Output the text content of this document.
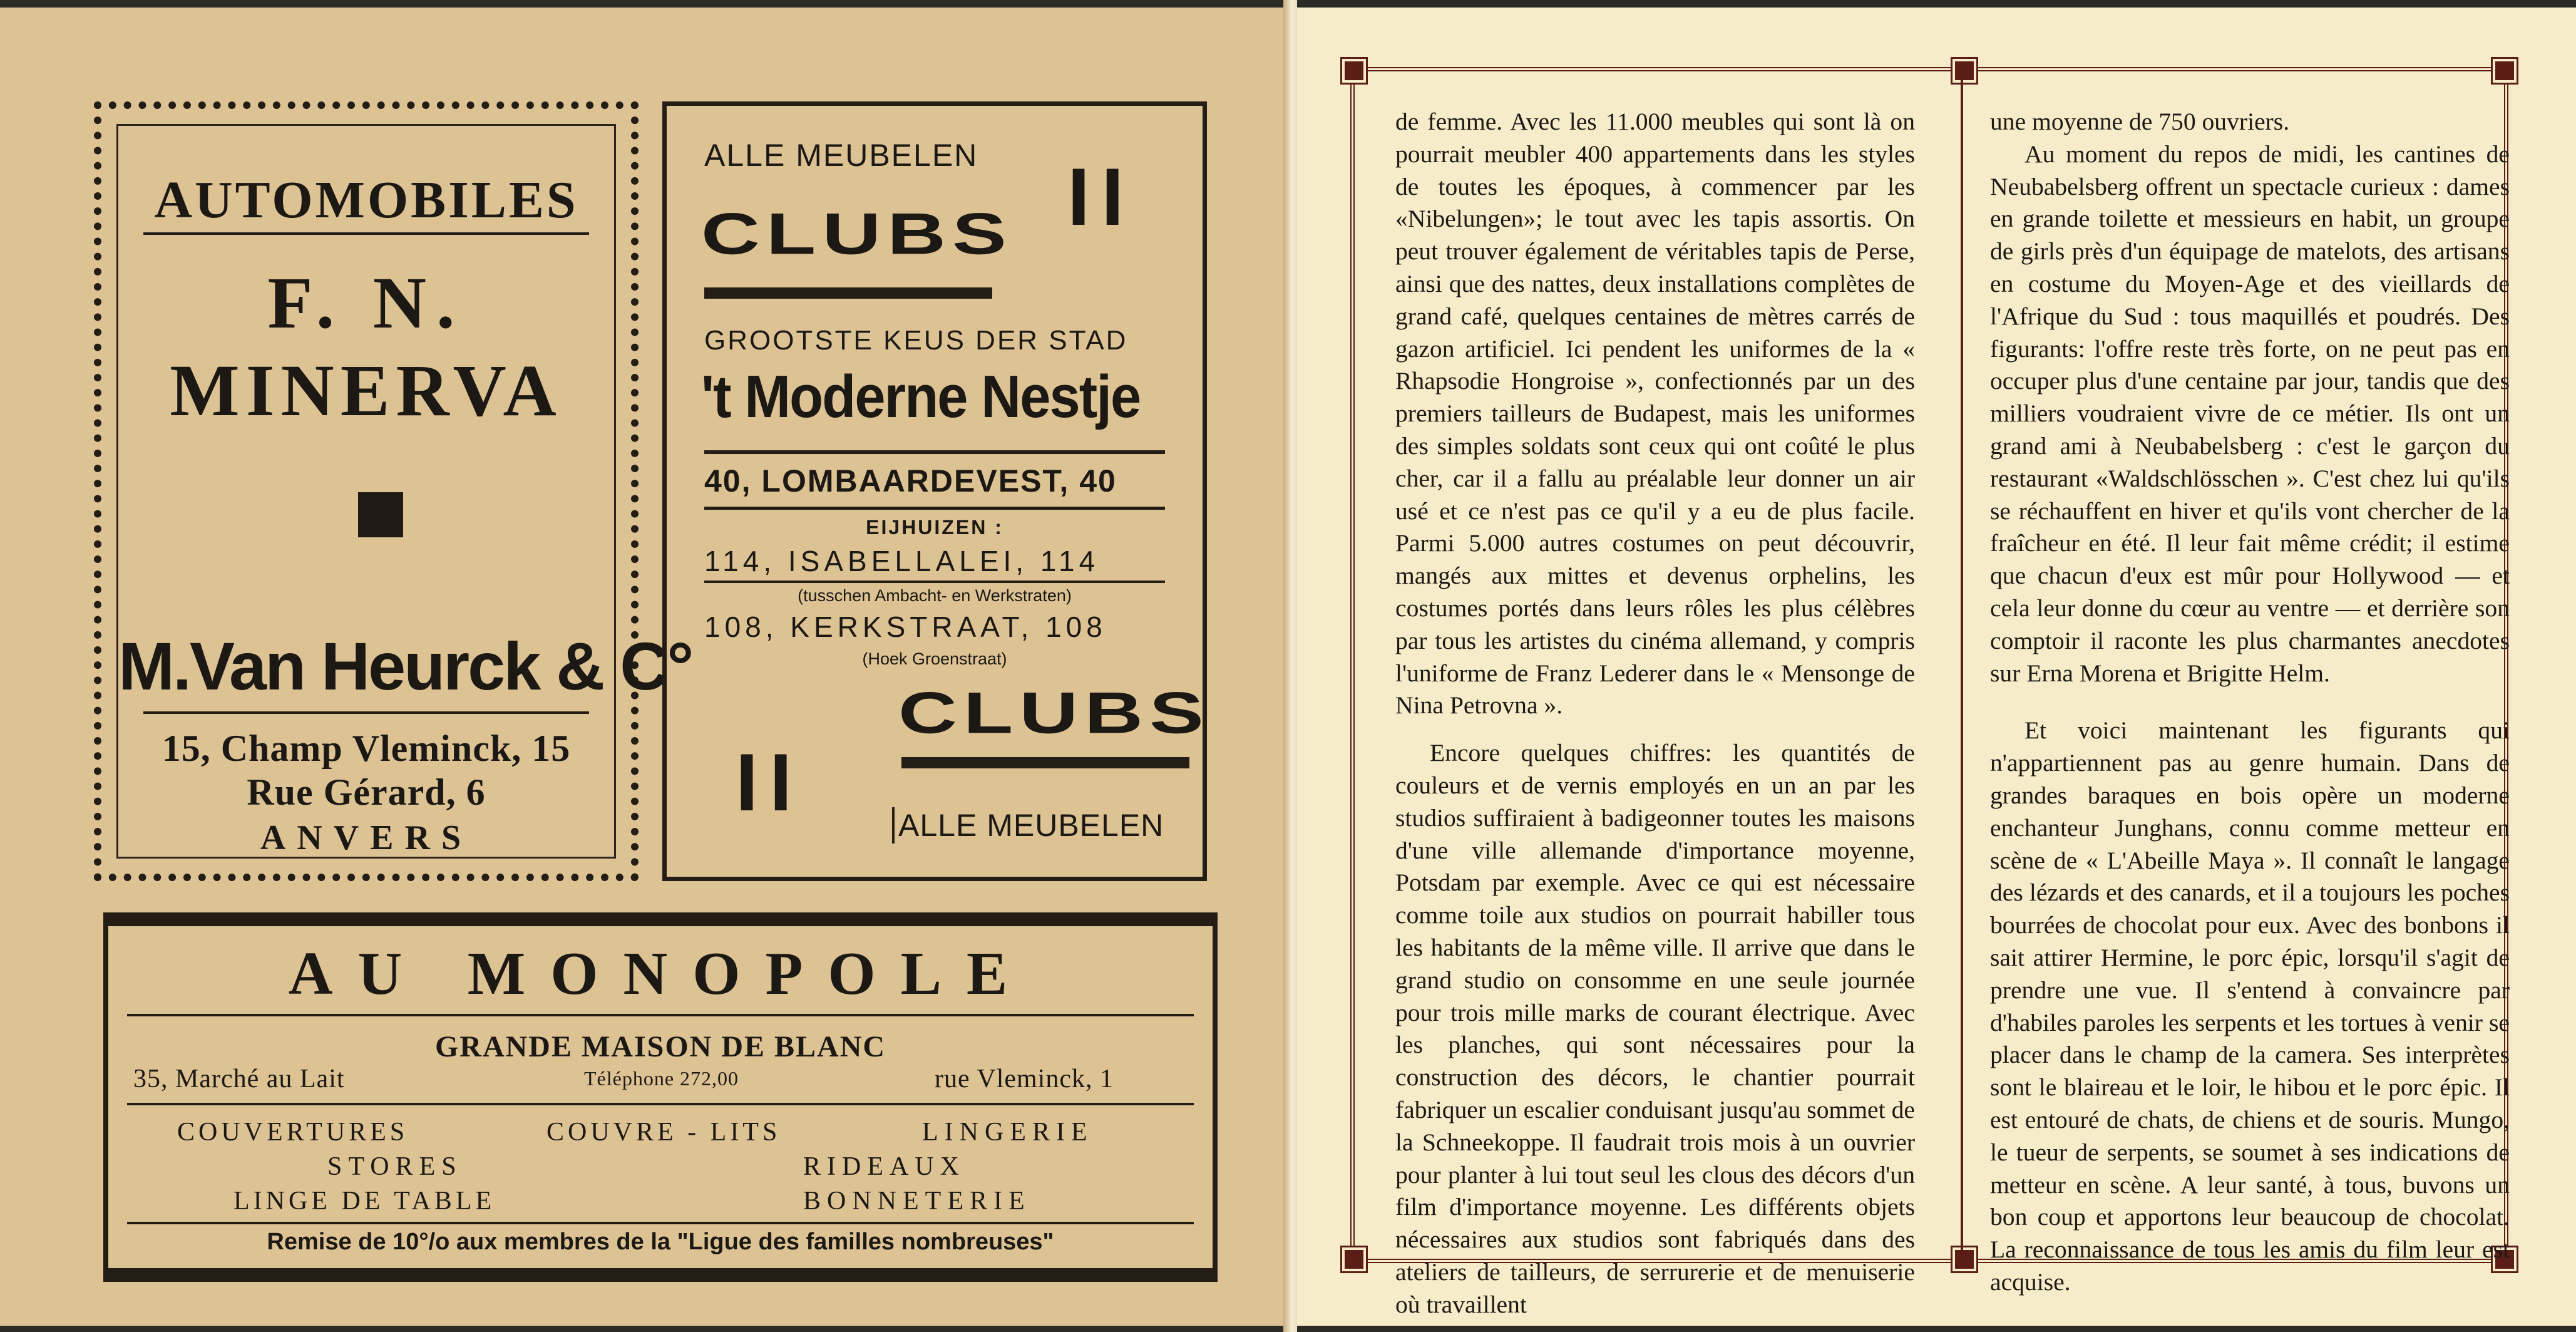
AUTOMOBILES
F. N.
MINERVA
M.Van Heurck & C°
15, Champ Vleminck, 15
Rue Gérard, 6
ANVERS
ALLE MEUBELEN II
CLUBS
GROOTSTE KEUS DER STAD
't Moderne Nestje
40, LOMBAARDEVEST, 40
EIJHUIZEN :
114, ISABELLALEI, 114
(tusschen Ambacht- en Werkstraten)
108, KERKSTRAAT, 108
(Hoek Groenstraat)
CLUBS
II	ALLE MEUBELEN
AU MONOPOLE
GRANDE MAISON DE BLANC
35, Marché au Lait	Téléphone 272,00	rue Vleminck, 1
COUVERTURES	COUVRE - LITS	LINGERIE
STORES	RIDEAUX
LINGE DE TABLE	BONNETERIE
Remise de 10°/o aux membres de la "Ligue des familles nombreuses"

de femme. Avec les 11.000 meubles qui sont là on pourrait meubler 400 appartements dans les styles de toutes les époques, à commencer par les «Nibelungen»; le tout avec les tapis assortis. On peut trouver également de véritables tapis de Perse, ainsi que des nattes, deux installations complètes de grand café, quelques centaines de mètres carrés de gazon artificiel. Ici pendent les uniformes de la « Rhapsodie Hongroise », confectionnés par un des premiers tailleurs de Budapest, mais les uniformes des simples soldats sont ceux qui ont coûté le plus cher, car il a fallu au préalable leur donner un air usé et ce n'est pas ce qu'il y a eu de plus facile. Parmi 5.000 autres costumes on peut découvrir, mangés aux mittes et devenus orphelins, les costumes portés dans leurs rôles les plus célèbres par tous les artistes du cinéma allemand, y compris l'uniforme de Franz Lederer dans le « Mensonge de Nina Petrovna ».

Encore quelques chiffres: les quantités de couleurs et de vernis employés en un an par les studios suffiraient à badigeonner toutes les maisons d'une ville allemande d'importance moyenne, Potsdam par exemple. Avec ce qui est nécessaire comme toile aux studios on pourrait habiller tous les habitants de la même ville. Il arrive que dans le grand studio on consomme en une seule journée pour trois mille marks de courant électrique. Avec les planches, qui sont nécessaires pour la construction des décors, le chantier pourrait fabriquer un escalier conduisant jusqu'au sommet de la Schneekoppe. Il faudrait trois mois à un ouvrier pour planter à lui tout seul les clous des décors d'un film d'importance moyenne. Les différents objets nécessaires aux studios sont fabriqués dans des ateliers de tailleurs, de serrurerie et de menuiserie où travaillent

une moyenne de 750 ouvriers.

Au moment du repos de midi, les cantines de Neubabelsberg offrent un spectacle curieux : dames en grande toilette et messieurs en habit, un groupe de girls près d'un équipage de matelots, des artisans en costume du Moyen-Age et des vieillards de l'Afrique du Sud : tous maquillés et poudrés. Des figurants: l'offre reste très forte, on ne peut pas en occuper plus d'une centaine par jour, tandis que des milliers voudraient vivre de ce métier. Ils ont un grand ami à Neubabelsberg : c'est le garçon du restaurant «Waldschlösschen ». C'est chez lui qu'ils se réchauffent en hiver et qu'ils vont chercher de la fraîcheur en été. Il leur fait même crédit; il estime que chacun d'eux est mûr pour Hollywood — et cela leur donne du cœur au ventre — et derrière son comptoir il raconte les plus charmantes anecdotes sur Erna Morena et Brigitte Helm.

Et voici maintenant les figurants qui n'appartiennent pas au genre humain. Dans de grandes baraques en bois opère un moderne enchanteur Junghans, connu comme metteur en scène de « L'Abeille Maya ». Il connaît le langage des lézards et des canards, et il a toujours les poches bourrées de chocolat pour eux. Avec des bonbons il sait attirer Hermine, le porc épic, lorsqu'il s'agit de prendre une vue. Il s'entend à convaincre par d'habiles paroles les serpents et les tortues à venir se placer dans le champ de la camera. Ses interprètes sont le blaireau et le loir, le hibou et le porc épic. Il est entouré de chats, de chiens et de souris. Mungo, le tueur de serpents, se soumet à ses indications de metteur en scène. A leur santé, à tous, buvons un bon coup et apportons leur beaucoup de chocolat. La reconnaissance de tous les amis du film leur est acquise.
